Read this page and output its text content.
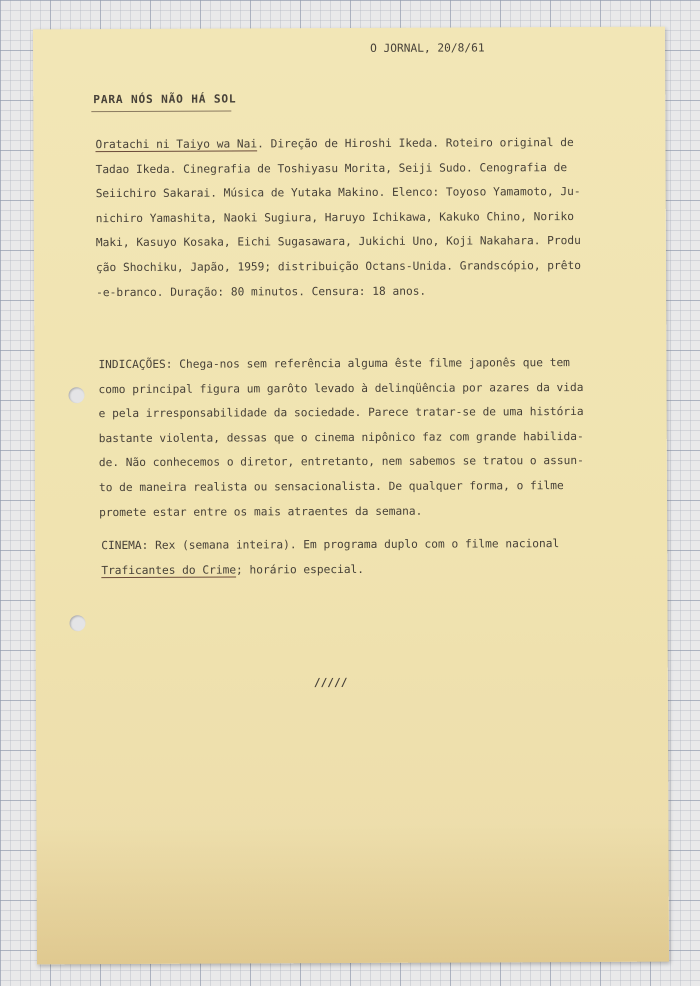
O JORNAL, 20/8/61
PARA NÓS NÃO HÁ SOL
Oratachi ni Taiyo wa Nai. Direção de Hiroshi Ikeda. Roteiro original de
Tadao Ikeda. Cinegrafia de Toshiyasu Morita, Seiji Sudo. Cenografia de
Seiichiro Sakarai. Música de Yutaka Makino. Elenco: Toyoso Yamamoto, Ju-
nichiro Yamashita, Naoki Sugiura, Haruyo Ichikawa, Kakuko Chino, Noriko
Maki, Kasuyo Kosaka, Eichi Sugasawara, Jukichi Uno, Koji Nakahara. Produ
ção Shochiku, Japão, 1959; distribuição Octans-Unida. Grandscópio, prêto
-e-branco. Duração: 80 minutos. Censura: 18 anos.
INDICAÇÕES: Chega-nos sem referência alguma êste filme japonês que tem
como principal figura um garôto levado à delinqüência por azares da vida
e pela irresponsabilidade da sociedade. Parece tratar-se de uma história
bastante violenta, dessas que o cinema nipônico faz com grande habilida-
de. Não conhecemos o diretor, entretanto, nem sabemos se tratou o assun-
to de maneira realista ou sensacionalista. De qualquer forma, o filme
promete estar entre os mais atraentes da semana.
CINEMA: Rex (semana inteira). Em programa duplo com o filme nacional
Traficantes do Crime; horário especial.
/////
